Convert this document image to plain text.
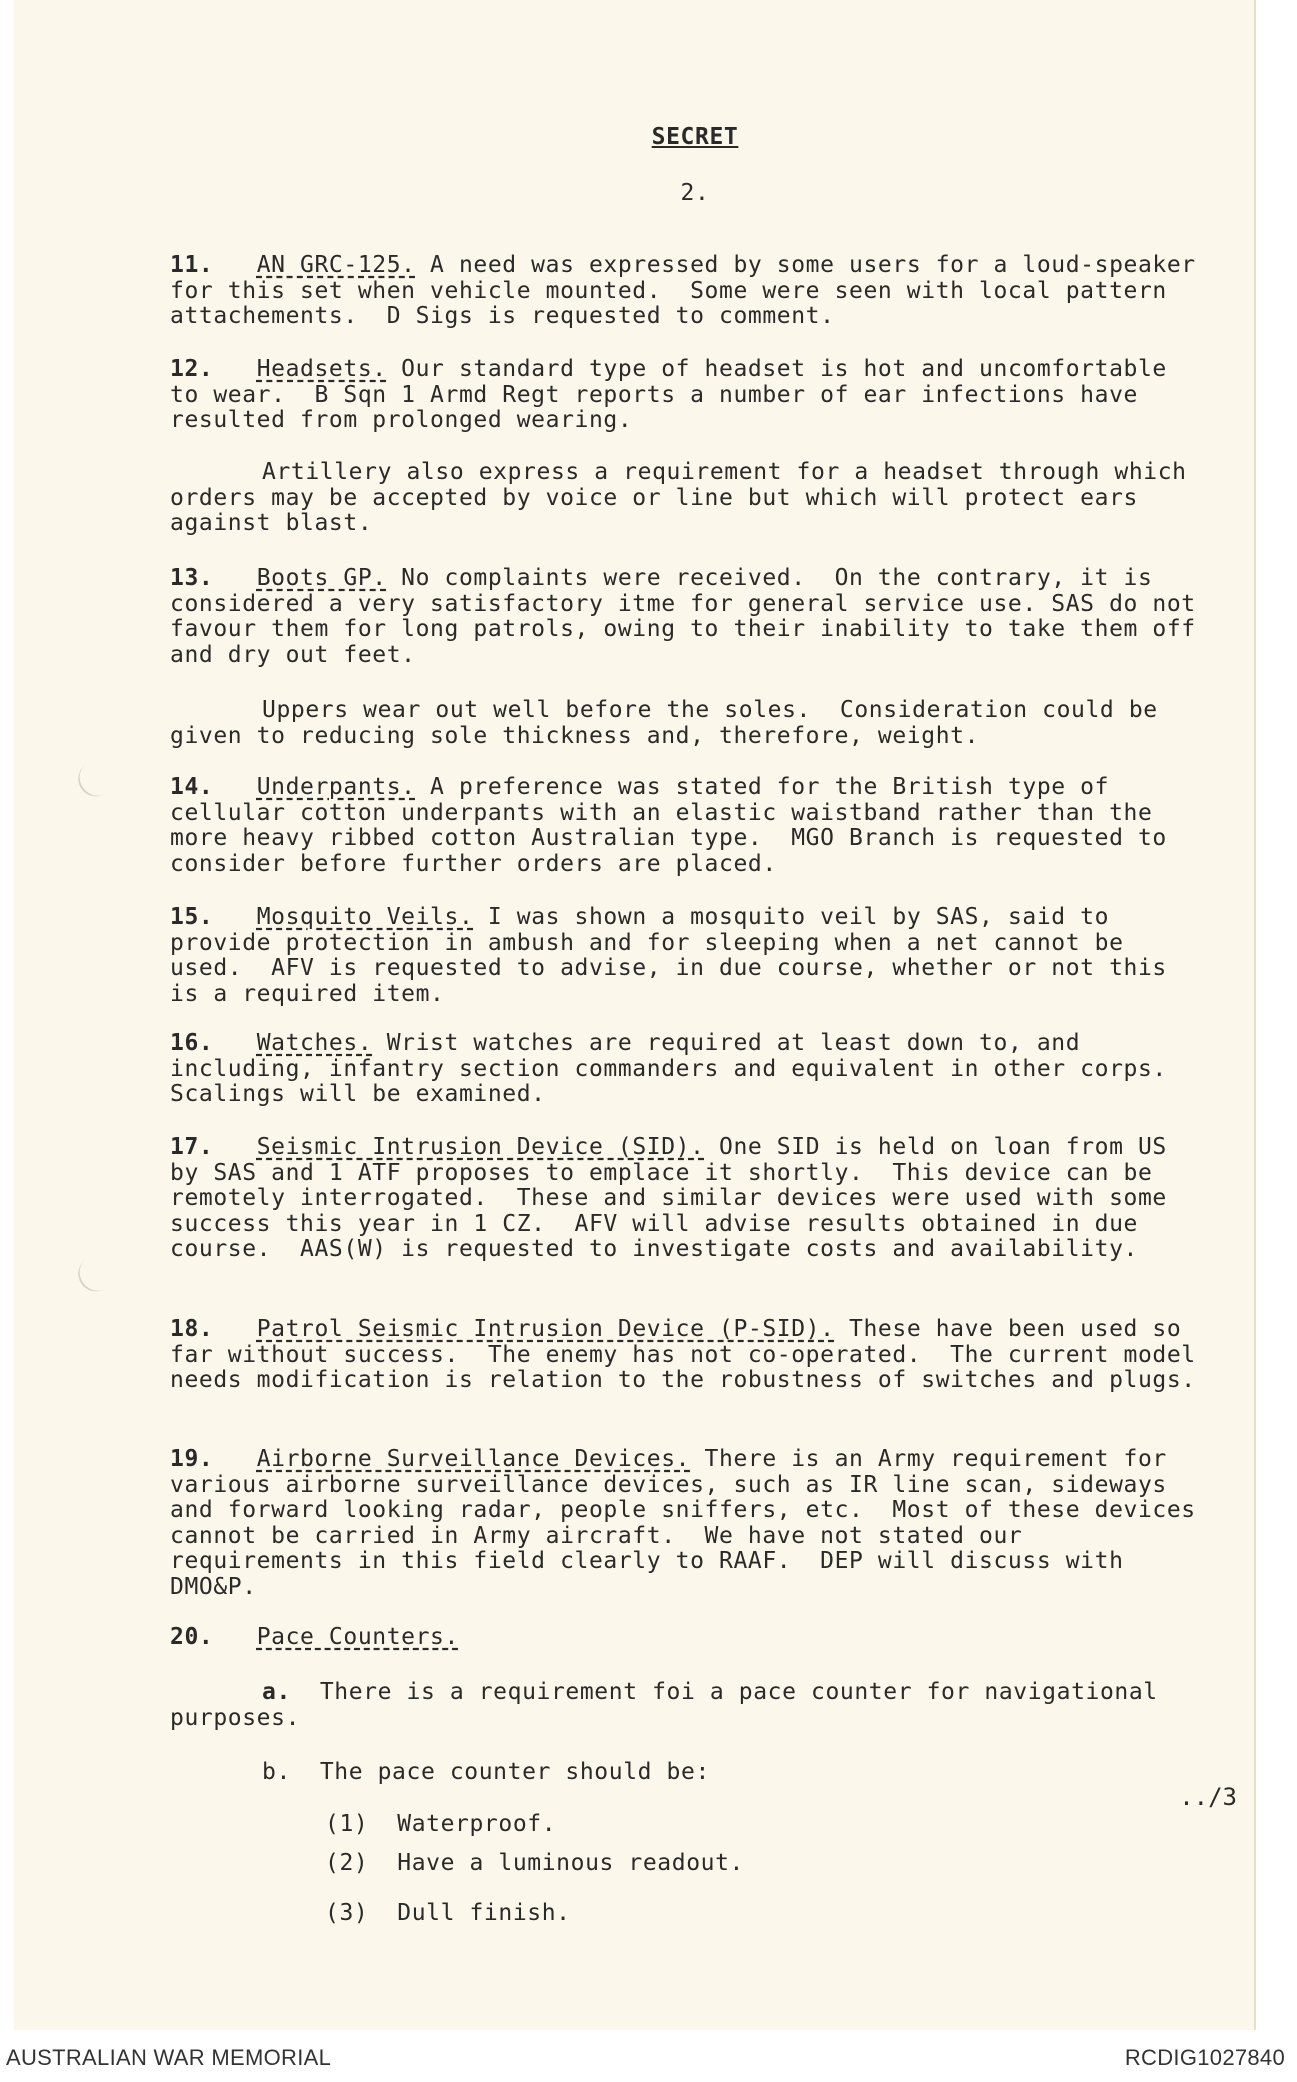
SECRET
2.

11. AN GRC-125. A need was expressed by some users for a loud-speaker for this set when vehicle mounted.  Some were seen with local pattern attachements.  D Sigs is requested to comment.

12. Headsets. Our standard type of headset is hot and uncomfortable to wear.  B Sqn 1 Armd Regt reports a number of ear infections have resulted from prolonged wearing.

Artillery also express a requirement for a headset through which orders may be accepted by voice or line but which will protect ears against blast.

13. Boots GP. No complaints were received.  On the contrary, it is considered a very satisfactory itme for general service use. SAS do not favour them for long patrols, owing to their inability to take them off and dry out feet.

Uppers wear out well before the soles.  Consideration could be given to reducing sole thickness and, therefore, weight.

14. Underpants. A preference was stated for the British type of cellular cotton underpants with an elastic waistband rather than the more heavy ribbed cotton Australian type.  MGO Branch is requested to consider before further orders are placed.

15. Mosquito Veils. I was shown a mosquito veil by SAS, said to provide protection in ambush and for sleeping when a net cannot be used.  AFV is requested to advise, in due course, whether or not this is a required item.

16. Watches. Wrist watches are required at least down to, and including, infantry section commanders and equivalent in other corps.  Scalings will be examined.

17. Seismic Intrusion Device (SID). One SID is held on loan from US by SAS and 1 ATF proposes to emplace it shortly.  This device can be remotely interrogated.  These and similar devices were used with some success this year in 1 CZ.  AFV will advise results obtained in due course.  AAS(W) is requested to investigate costs and availability.

18. Patrol Seismic Intrusion Device (P-SID). These have been used so far without success.  The enemy has not co-operated.  The current model needs modification is relation to the robustness of switches and plugs.

19. Airborne Surveillance Devices. There is an Army requirement for various airborne surveillance devices, such as IR line scan, sideways and forward looking radar, people sniffers, etc.  Most of these devices cannot be carried in Army aircraft.  We have not stated our requirements in this field clearly to RAAF.  DEP will discuss with DMO&P.

20. Pace Counters.

a. There is a requirement foi a pace counter for navigational purposes.

b. The pace counter should be:

(1) Waterproof.

(2) Have a luminous readout.

(3) Dull finish.

../3
AUSTRALIAN WAR MEMORIAL	RCDIG1027840
